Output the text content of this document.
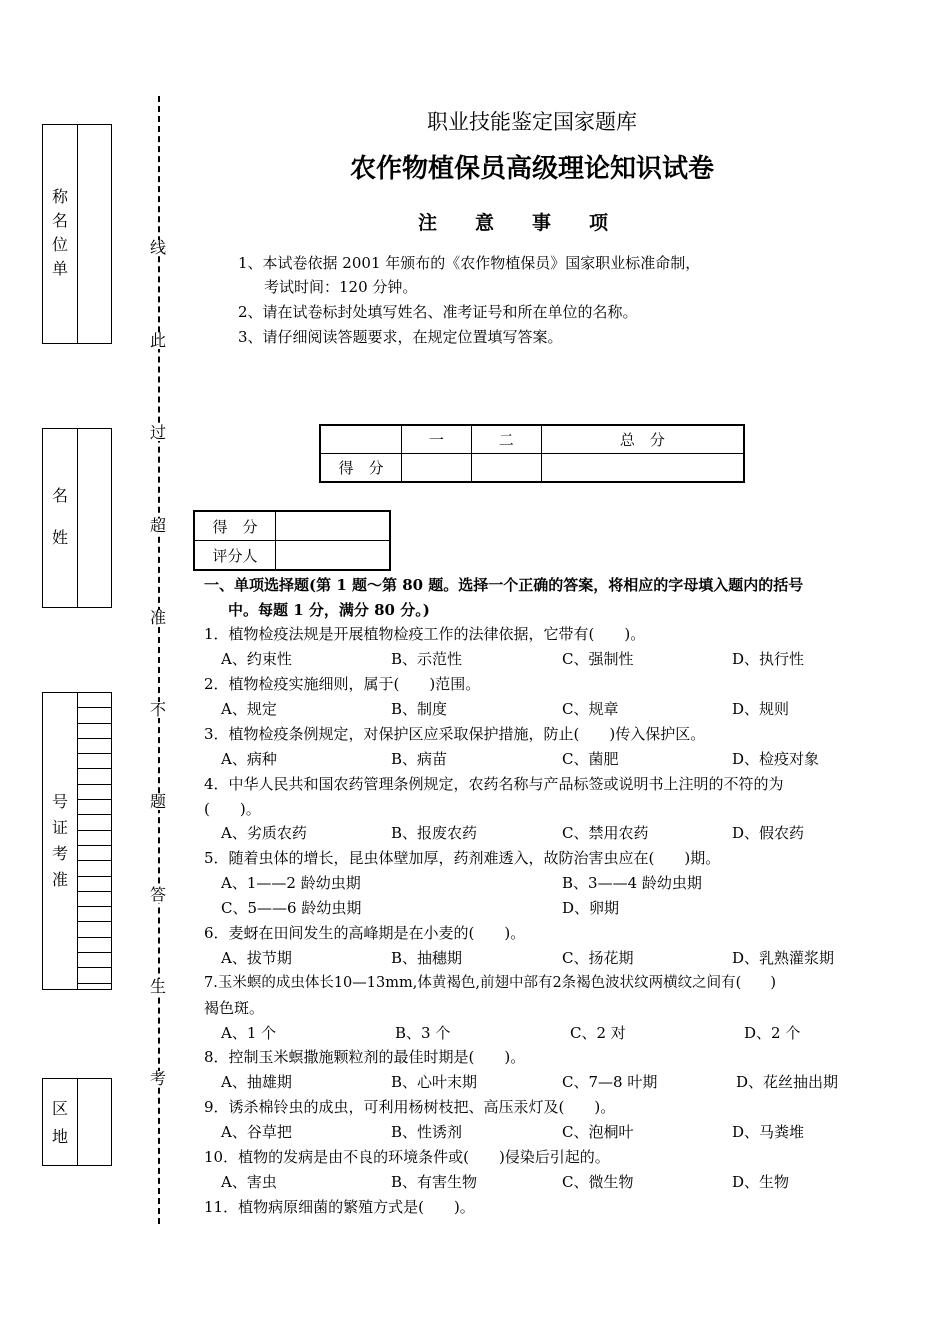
称
名
位
单
名
姓
号
证
考
准
区
地
线
此
过
超
准
不
题
答
生
考
职业技能鉴定国家题库
农作物植保员高级理论知识试卷
注意事项
1、本试卷依据 2001 年颁布的《农作物植保员》国家职业标准命制，
考试时间：120 分钟。
2、请在试卷标封处填写姓名、准考证号和所在单位的名称。
3、请仔细阅读答题要求，在规定位置填写答案。
	一	二	总　分
得　分			
得　分	
评分人	
一、单项选择题(第 1 题～第 80 题。选择一个正确的答案，将相应的字母填入题内的括号
中。每题 1 分，满分 80 分。)
1．植物检疫法规是开展植物检疫工作的法律依据，它带有(　　)。
A、约束性	B、示范性	C、强制性	D、执行性
2．植物检疫实施细则，属于(　　)范围。
A、规定	B、制度	C、规章	D、规则
3．植物检疫条例规定，对保护区应采取保护措施，防止(　　)传入保护区。
A、病种	B、病苗	C、菌肥	D、检疫对象
4．中华人民共和国农药管理条例规定，农药名称与产品标签或说明书上注明的不符的为
(　　)。
A、劣质农药	B、报废农药	C、禁用农药	D、假农药
5．随着虫体的增长，昆虫体壁加厚，药剂难透入，故防治害虫应在(　　)期。
A、1——2 龄幼虫期	B、3——4 龄幼虫期
C、5——6 龄幼虫期	D、卵期
6．麦蚜在田间发生的高峰期是在小麦的(　　)。
A、拔节期	B、抽穗期	C、扬花期	D、乳熟灌浆期
7.玉米螟的成虫体长10—13mm,体黄褐色,前翅中部有2条褐色波状纹两横纹之间有(　　)
褐色斑。
A、1 个	B、3 个	C、2 对	D、2 个
8．控制玉米螟撒施颗粒剂的最佳时期是(　　)。
A、抽雄期	B、心叶末期	C、7—8 叶期	D、花丝抽出期
9．诱杀棉铃虫的成虫，可利用杨树枝把、高压汞灯及(　　)。
A、谷草把	B、性诱剂	C、泡桐叶	D、马粪堆
10．植物的发病是由不良的环境条件或(　　)侵染后引起的。
A、害虫	B、有害生物	C、微生物	D、生物
11．植物病原细菌的繁殖方式是(　　)。
